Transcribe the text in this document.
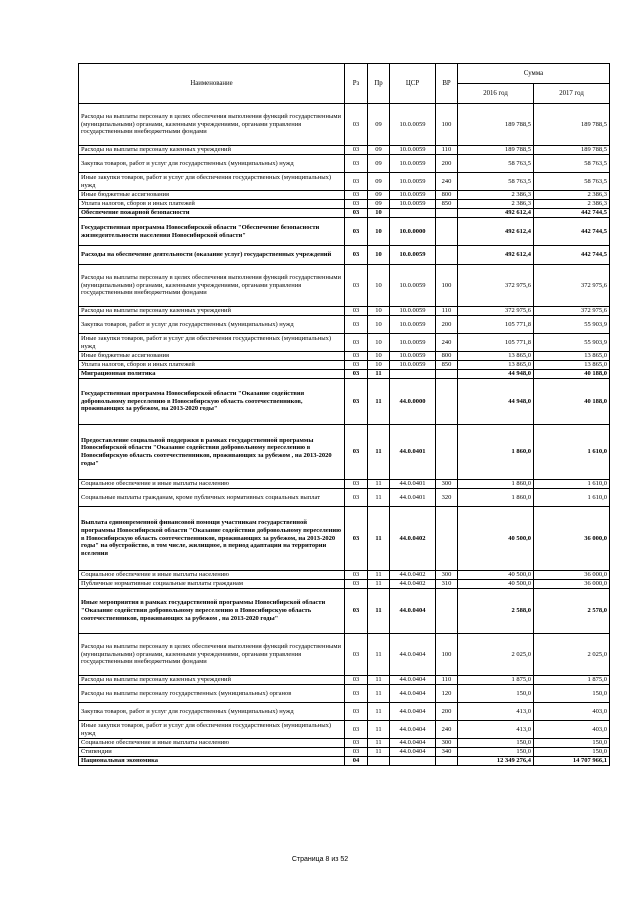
Наименование	Рз	Пр	ЦСР	ВР	Сумма	
					2016 год	2017 год
Расходы на выплаты персоналу в целях обеспечения выполнения функций государственными (муниципальными) органами, казенными учреждениями, органами управления государственными внебюджетными фондами	03	09	10.0.0059	100	189 788,5	189 788,5
Расходы на выплаты персоналу казенных учреждений	03	09	10.0.0059	110	189 788,5	189 788,5
Закупка товаров, работ и услуг для государственных (муниципальных) нужд	03	09	10.0.0059	200	58 763,5	58 763,5
Иные закупки товаров, работ и услуг для обеспечения государственных (муниципальных) нужд	03	09	10.0.0059	240	58 763,5	58 763,5
Иные бюджетные ассигнования	03	09	10.0.0059	800	2 386,3	2 386,3
Уплата налогов, сборов и иных платежей	03	09	10.0.0059	850	2 386,3	2 386,3
Обеспечение пожарной безопасности	03	10			492 612,4	442 744,5
Государственная программа Новосибирской области "Обеспечение безопасности жизнедеятельности населения Новосибирской области"	03	10	10.0.0000		492 612,4	442 744,5
Расходы на обеспечение деятельности (оказание услуг) государственных учреждений	03	10	10.0.0059		492 612,4	442 744,5
Расходы на выплаты персоналу в целях обеспечения выполнения функций государственными (муниципальными) органами, казенными учреждениями, органами управления государственными внебюджетными фондами	03	10	10.0.0059	100	372 975,6	372 975,6
Расходы на выплаты персоналу казенных учреждений	03	10	10.0.0059	110	372 975,6	372 975,6
Закупка товаров, работ и услуг для государственных (муниципальных) нужд	03	10	10.0.0059	200	105 771,8	55 903,9
Иные закупки товаров, работ и услуг для обеспечения государственных (муниципальных) нужд	03	10	10.0.0059	240	105 771,8	55 903,9
Иные бюджетные ассигнования	03	10	10.0.0059	800	13 865,0	13 865,0
Уплата налогов, сборов и иных платежей	03	10	10.0.0059	850	13 865,0	13 865,0
Миграционная политика	03	11			44 948,0	40 188,0
Государственная программа Новосибирской области "Оказание содействия добровольному переселению в Новосибирскую область соотечественников, проживающих за рубежом, на 2013-2020 годы"	03	11	44.0.0000		44 948,0	40 188,0
Предоставление социальной поддержки в рамках государственной программы Новосибирской области "Оказание содействия добровольному переселению в Новосибирскую область соотечественников, проживающих за рубежом , на 2013-2020 годы"	03	11	44.0.0401		1 860,0	1 610,0
Социальное обеспечение и иные выплаты населению	03	11	44.0.0401	300	1 860,0	1 610,0
Социальные выплаты гражданам, кроме публичных нормативных социальных выплат	03	11	44.0.0401	320	1 860,0	1 610,0
Выплата единовременной финансовой помощи участникам государственной программы Новосибирской области "Оказание содействия добровольному переселению в Новосибирскую область соотечественников, проживающих за рубежом, на 2013-2020 годы" на обустройство, в том числе, жилищное, в период адаптации на территории вселения	03	11	44.0.0402		40 500,0	36 000,0
Социальное обеспечение и иные выплаты населению	03	11	44.0.0402	300	40 500,0	36 000,0
Публичные нормативные социальные выплаты гражданам	03	11	44.0.0402	310	40 500,0	36 000,0
Иные мероприятия в рамках государственной программы Новосибирской области "Оказание содействия добровольному переселению в Новосибирскую область соотечественников, проживающих за рубежом , на 2013-2020 годы"	03	11	44.0.0404		2 588,0	2 578,0
Расходы на выплаты персоналу в целях обеспечения выполнения функций государственными (муниципальными) органами, казенными учреждениями, органами управления государственными внебюджетными фондами	03	11	44.0.0404	100	2 025,0	2 025,0
Расходы на выплаты персоналу казенных учреждений	03	11	44.0.0404	110	1 875,0	1 875,0
Расходы на выплаты персоналу государственных (муниципальных) органов	03	11	44.0.0404	120	150,0	150,0
Закупка товаров, работ и услуг для государственных (муниципальных) нужд	03	11	44.0.0404	200	413,0	403,0
Иные закупки товаров, работ и услуг для обеспечения государственных (муниципальных) нужд	03	11	44.0.0404	240	413,0	403,0
Социальное обеспечение и иные выплаты населению	03	11	44.0.0404	300	150,0	150,0
Стипендии	03	11	44.0.0404	340	150,0	150,0
Национальная экономика	04				12 349 276,4	14 707 966,1
Страница 8 из 52
